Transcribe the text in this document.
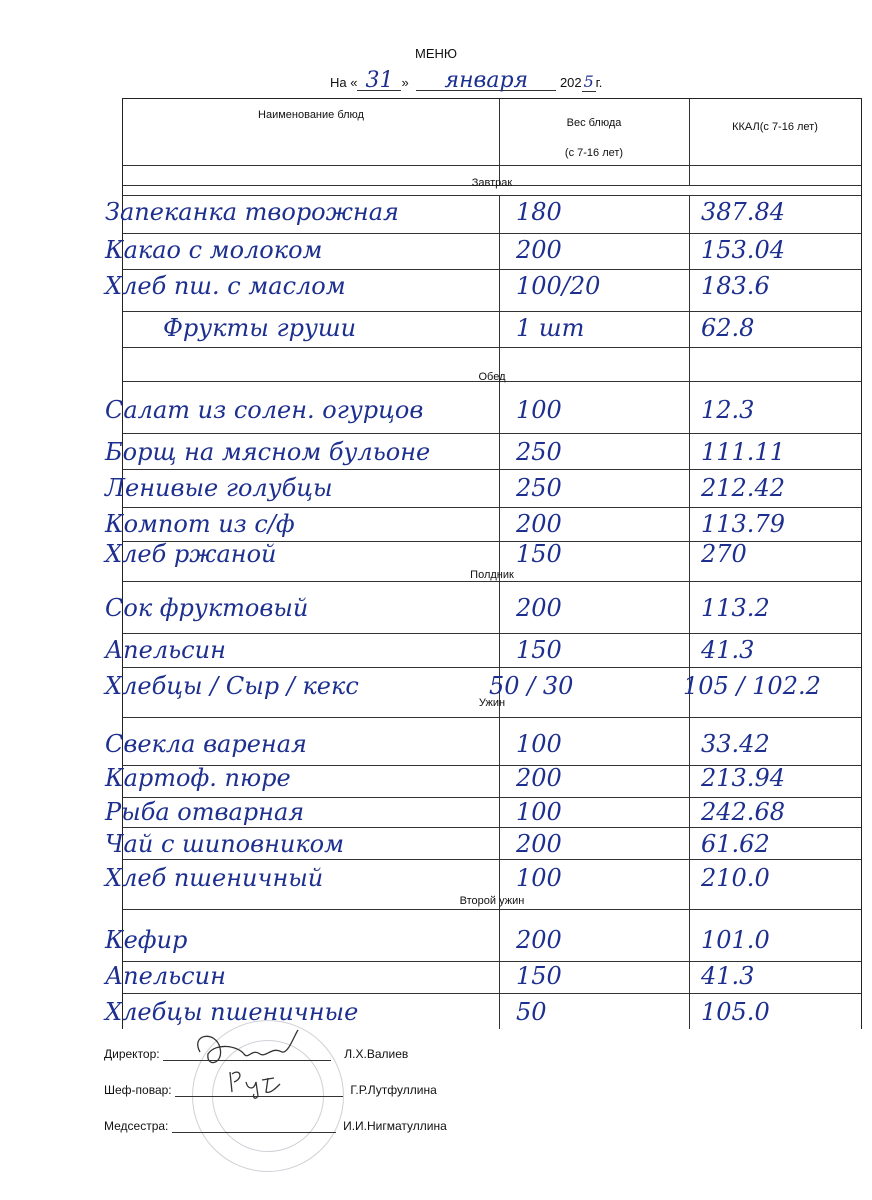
МЕНЮ
На « 31 » января 202 5 г.
Наименование блюд
Вес блюда
(с 7-16 лет)
ККАЛ(с 7-16 лет)
Завтрак
Запеканка творожная	180	387.84
Какао с молоком	200	153.04
Хлеб пш. с маслом	100/20	183.6
Фрукты груши	1 шт	62.8
Обед
Салат из солен. огурцов	100	12.3
Борщ на мясном бульоне	250	111.11
Ленивые голубцы	250	212.42
Компот из с/ф	200	113.79
Хлеб ржаной	150	270
Полдник
Сок фруктовый	200	113.2
Апельсин	150	41.3
Хлебцы / Сыр / кекс	50 / 30	105 / 102.2
Ужин
Свекла вареная	100	33.42
Картоф. пюре	200	213.94
Рыба отварная	100	242.68
Чай с шиповником	200	61.62
Хлеб пшеничный	100	210.0
Второй ужин
Кефир	200	101.0
Апельсин	150	41.3
Хлебцы пшеничные	50	105.0
Директор:	Л.Х.Валиев
Шеф-повар:	Г.Р.Лутфуллина
Медсестра:	И.И.Нигматуллина
